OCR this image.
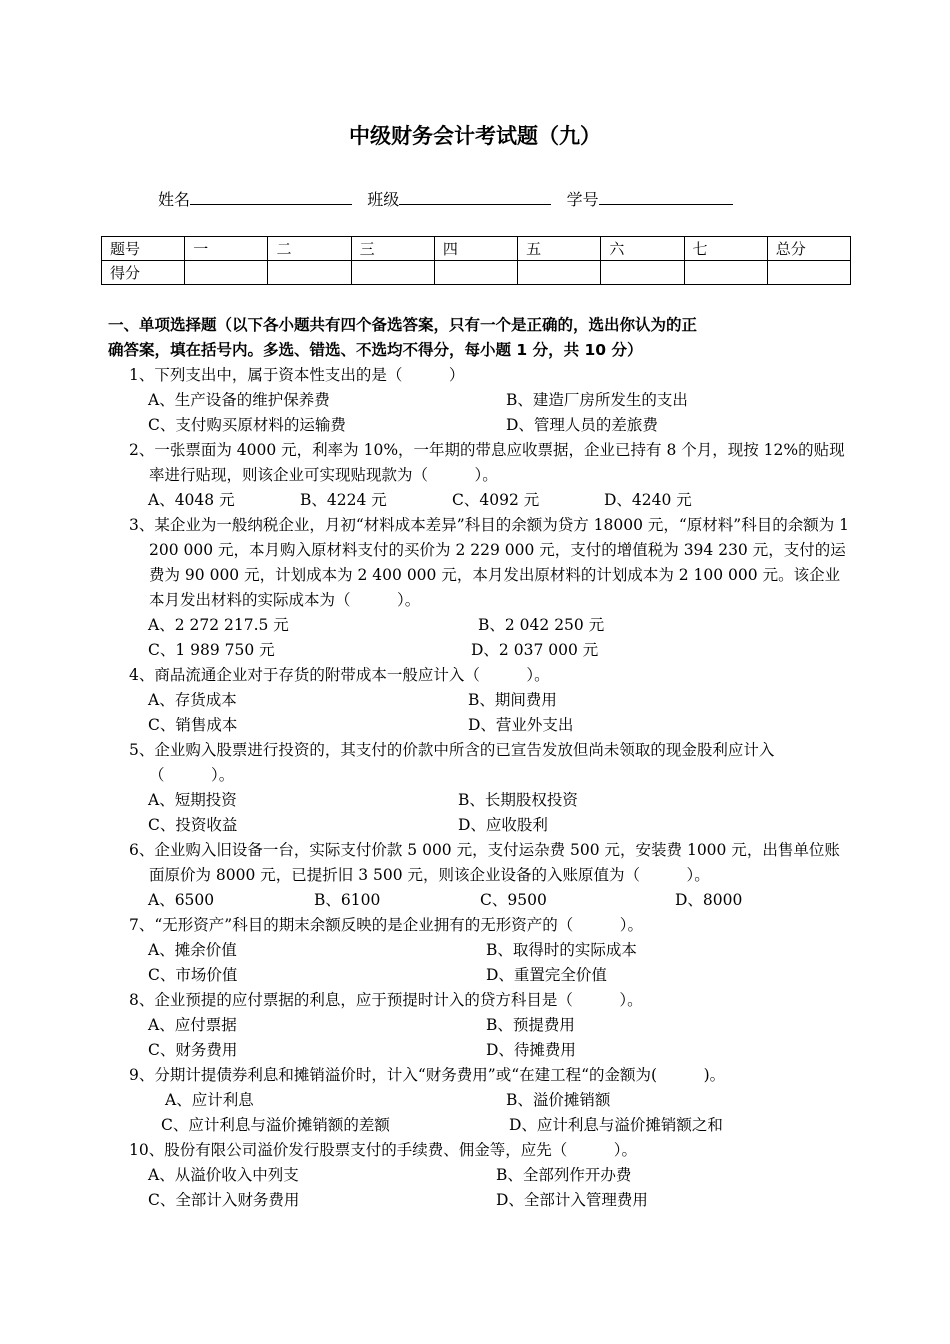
中级财务会计考试题（九）
姓名	班级	学号
题号	一	二	三	四	五	六	七	总分
得分								
一、单项选择题（以下各小题共有四个备选答案，只有一个是正确的，选出你认为的正
确答案，填在括号内。多选、错选、不选均不得分，每小题 1 分，共 10 分）
1、下列支出中，属于资本性支出的是（　　　）
A、生产设备的维护保养费	B、建造厂房所发生的支出
C、支付购买原材料的运输费	D、管理人员的差旅费
2、一张票面为 4000 元，利率为 10%，一年期的带息应收票据，企业已持有 8 个月，现按 12%的贴现率进行贴现，则该企业可实现贴现款为（　　　）。
A、4048 元	B、4224 元	C、4092 元	D、4240 元
3、某企业为一般纳税企业，月初“材料成本差异”科目的余额为贷方 18000 元，“原材料”科目的余额为 1 200 000 元，本月购入原材料支付的买价为 2 229 000 元，支付的增值税为 394 230 元，支付的运费为 90 000 元，计划成本为 2 400 000 元，本月发出原材料的计划成本为 2 100 000 元。该企业本月发出材料的实际成本为（　　　）。
A、2 272 217.5 元	B、2 042 250 元
C、1 989 750 元	D、2 037 000 元
4、商品流通企业对于存货的附带成本一般应计入（　　　）。
A、存货成本	B、期间费用
C、销售成本	D、营业外支出
5、企业购入股票进行投资的，其支付的价款中所含的已宣告发放但尚未领取的现金股利应计入（　　　）。
A、短期投资	B、长期股权投资
C、投资收益	D、应收股利
6、企业购入旧设备一台，实际支付价款 5 000 元，支付运杂费 500 元，安装费 1000 元，出售单位账面原价为 8000 元，已提折旧 3 500 元，则该企业设备的入账原值为（　　　）。
A、6500	B、6100	C、9500	D、8000
7、“无形资产”科目的期末余额反映的是企业拥有的无形资产的（　　　）。
A、摊余价值	B、取得时的实际成本
C、市场价值	D、重置完全价值
8、企业预提的应付票据的利息，应于预提时计入的贷方科目是（　　　）。
A、应付票据	B、预提费用
C、财务费用	D、待摊费用
9、分期计提债券利息和摊销溢价时，计入“财务费用”或“在建工程“的金额为(　　　)。
A、应计利息	B、溢价摊销额
C、应计利息与溢价摊销额的差额	D、应计利息与溢价摊销额之和
10、股份有限公司溢价发行股票支付的手续费、佣金等，应先（　　　）。
A、从溢价收入中列支	B、全部列作开办费
C、全部计入财务费用	D、全部计入管理费用
